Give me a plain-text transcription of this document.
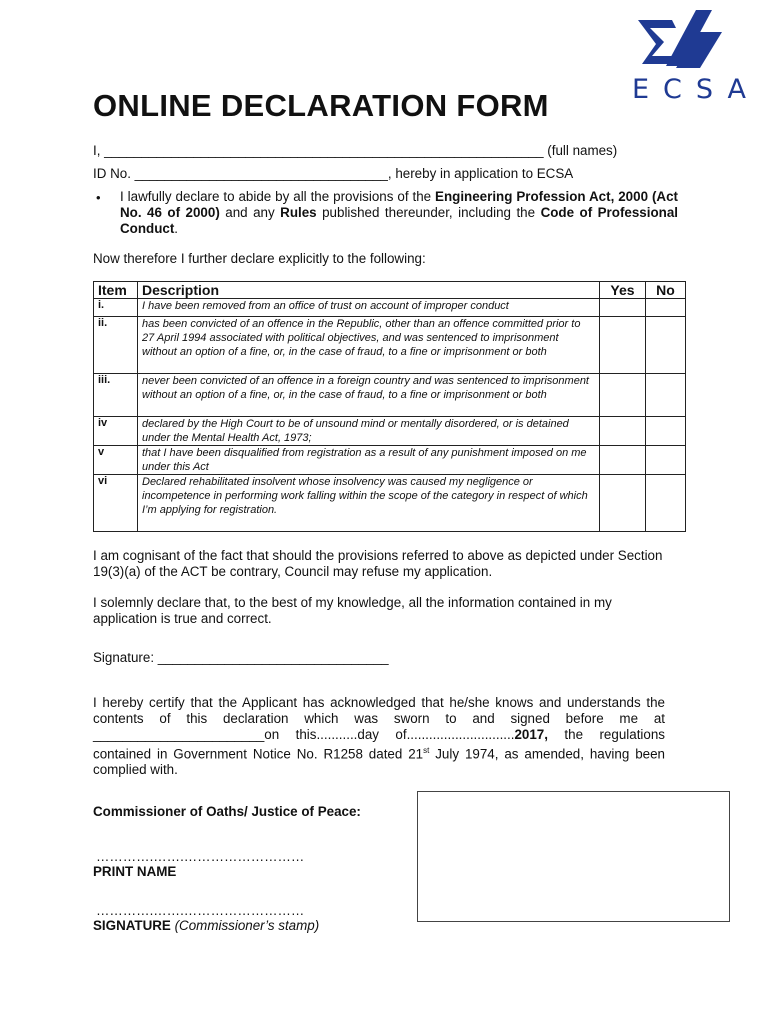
ECSA
ONLINE DECLARATION FORM
I, ___________________________________________________________ (full names)
ID No. __________________________________, hereby in application to ECSA
• I lawfully declare to abide by all the provisions of the Engineering Profession Act, 2000 (Act No. 46 of 2000) and any Rules published thereunder, including the Code of Professional Conduct.
Now therefore I further declare explicitly to the following:
Item	Description	Yes	No
i.	I have been removed from an office of trust on account of improper conduct		
ii.	has been convicted of an offence in the Republic, other than an offence committed prior to 27 April 1994 associated with political objectives, and was sentenced to imprisonment without an option of a fine, or, in the case of fraud, to a fine or imprisonment or both		
iii.	never been convicted of an offence in a foreign country and was sentenced to imprisonment without an option of a fine, or, in the case of fraud, to a fine or imprisonment or both		
iv	declared by the High Court to be of unsound mind or mentally disordered, or is detained under the Mental Health Act, 1973;		
v	that I have been disqualified from registration as a result of any punishment imposed on me under this Act		
vi	Declared rehabilitated insolvent whose insolvency was caused my negligence or incompetence in performing work falling within the scope of the category in respect of which I’m applying for registration.		
I am cognisant of the fact that should the provisions referred to above as depicted under Section 19(3)(a) of the ACT be contrary, Council may refuse my application.
I solemnly declare that, to the best of my knowledge, all the information contained in my application is true and correct.
Signature: _______________________________
I hereby certify that the Applicant has acknowledged that he/she knows and understands the contents of this declaration which was sworn to and signed before me at _______________________on this...........day of.............................2017, the regulations contained in Government Notice No. R1258 dated 21st July 1974, as amended, having been complied with.
Commissioner of Oaths/ Justice of Peace:
………….…….………………………
PRINT NAME
………….…….………………………
SIGNATURE (Commissioner’s stamp)
